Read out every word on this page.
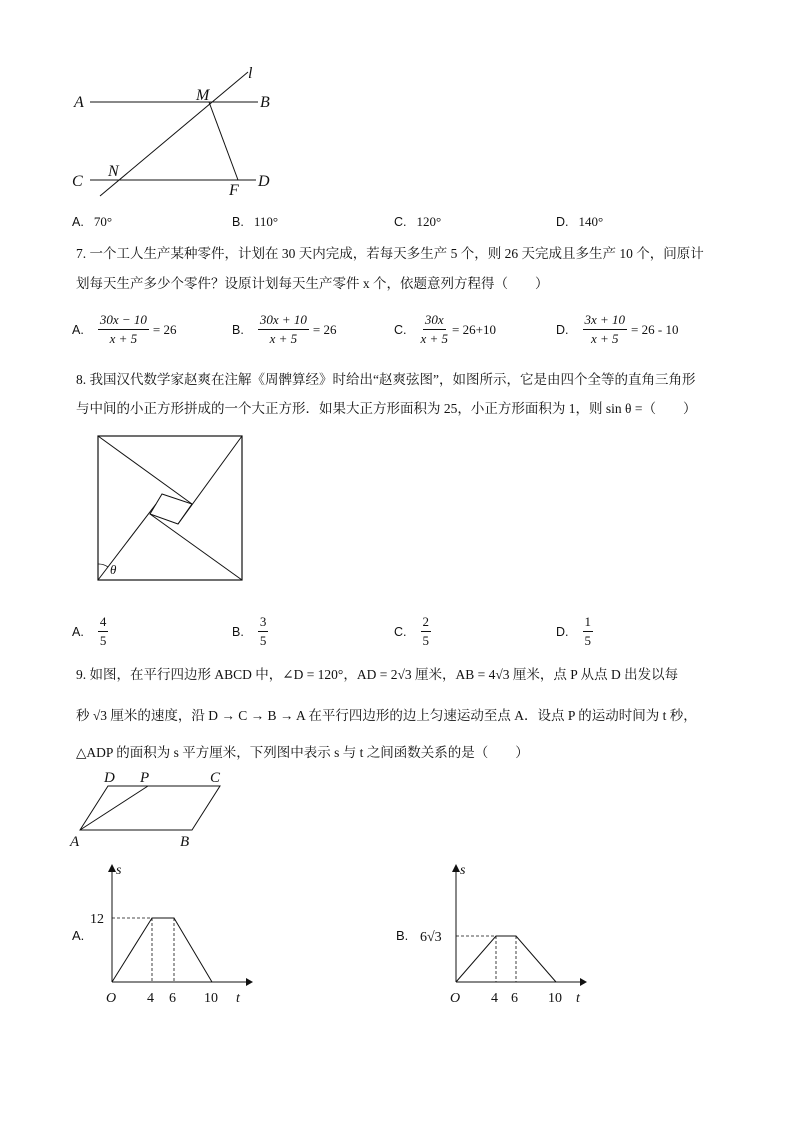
A	B
C	D
M
N
F
l
A. 70°	B. 110°	C. 120°	D. 140°
7. 一个工人生产某种零件，计划在 30 天内完成，若每天多生产 5 个，则 26 天完成且多生产 10 个，问原计
划每天生产多少个零件？设原计划每天生产零件 x 个，依题意列方程得（　　）
A. $\frac{30x - 10}{x + 5} = 26$	B. $\frac{30x + 10}{x + 5} = 26$	C. $\frac{30x}{x + 5} = 26+10$	D. $\frac{3x + 10}{x + 5} = 26 - 10$
8. 我国汉代数学家赵爽在注解《周髀算经》时给出“赵爽弦图”，如图所示，它是由四个全等的直角三角形
与中间的小正方形拼成的一个大正方形．如果大正方形面积为 25，小正方形面积为 1，则 sin θ =（　　）
θ
A. $\frac{4}{5}$	B. $\frac{3}{5}$	C. $\frac{2}{5}$	D. $\frac{1}{5}$
9. 如图，在平行四边形 ABCD 中，∠D = 120°，AD = 2√3 厘米，AB = 4√3 厘米，点 P 从点 D 出发以每
秒 √3 厘米的速度，沿 D → C → B → A 在平行四边形的边上匀速运动至点 A．设点 P 的运动时间为 t 秒，
△ADP 的面积为 s 平方厘米，下列图中表示 s 与 t 之间函数关系的是（　　）
D P	C
A	B
A.
s
t
O
12
4 6 10
B.
s
t
O
6√3
4 6 10
